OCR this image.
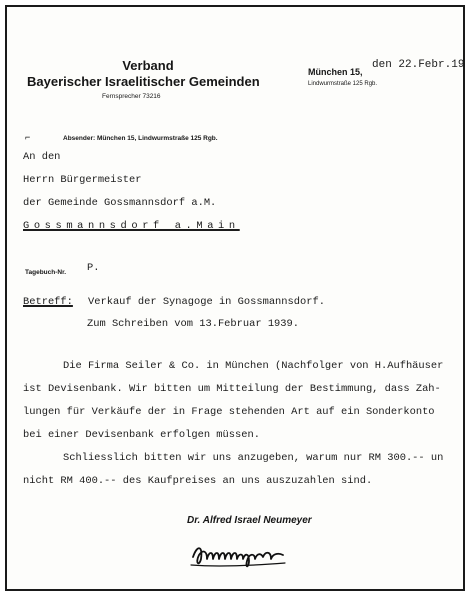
Verband
Bayerischer Israelitischer Gemeinden
Fernsprecher 73216
München 15,
Lindwurmstraße 125 Rgb.
den 22.Febr.19
⌐	Absender: München 15, Lindwurmstraße 125 Rgb.
An den
Herrn Bürgermeister
der Gemeinde Gossmannsdorf a.M.
Gossmannsdorf a.Main
Tagebuch-Nr. P.
Betreff: Verkauf der Synagoge in Gossmannsdorf.
Zum Schreiben vom 13.Februar 1939.
Die Firma Seiler & Co. in München (Nachfolger von H.Aufhäuser
ist Devisenbank. Wir bitten um Mitteilung der Bestimmung, dass Zah-
lungen für Verkäufe der in Frage stehenden Art auf ein Sonderkonto
bei einer Devisenbank erfolgen müssen.
Schliesslich bitten wir uns anzugeben, warum nur RM 300.-- un
nicht RM 400.-- des Kaufpreises an uns auszuzahlen sind.
Dr. Alfred Israel Neumeyer
